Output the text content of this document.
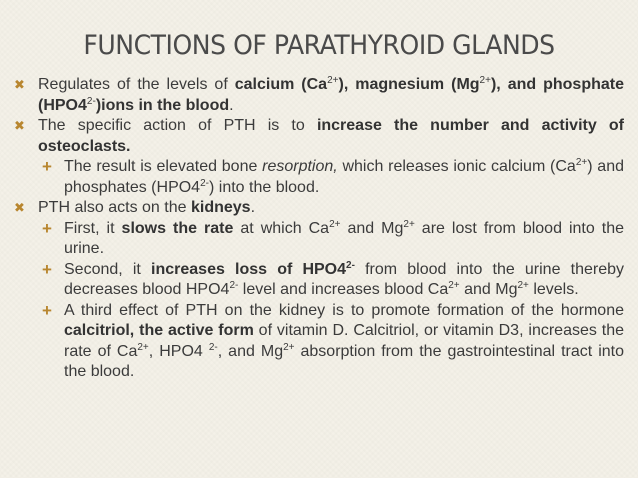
FUNCTIONS OF PARATHYROID GLANDS
✖ Regulates of the levels of calcium $(Ca^{2+})$, magnesium $(Mg^{2+})$, and phosphate $(HPO4^{2-})ions$ in the blood.
✖ The specific action of PTH is to increase the number and activity of osteoclasts.
+ The result is elevated bone resorption, which releases ionic calcium $(Ca^{2+})$ and phosphates $(HPO4^{2-})$ into the blood.
✖ PTH also acts on the kidneys.
+ First, it slows the rate at which $Ca^{2+}$ and $Mg^{2+}$ are lost from blood into the urine.
+ Second, it increases loss of $HPO4^{2-}$ from blood into the urine thereby decreases blood $HPO4^{2-}$ level and increases blood $Ca^{2+}$ and $Mg^{2+}$ levels.
+ A third effect of PTH on the kidney is to promote formation of the hormone calcitriol, the active form of vitamin D. Calcitriol, or vitamin D3, increases the rate of $Ca^{2+}$, HPO4 $^{2-}$, and $Mg^{2+}$ absorption from the gastrointestinal tract into the blood.
